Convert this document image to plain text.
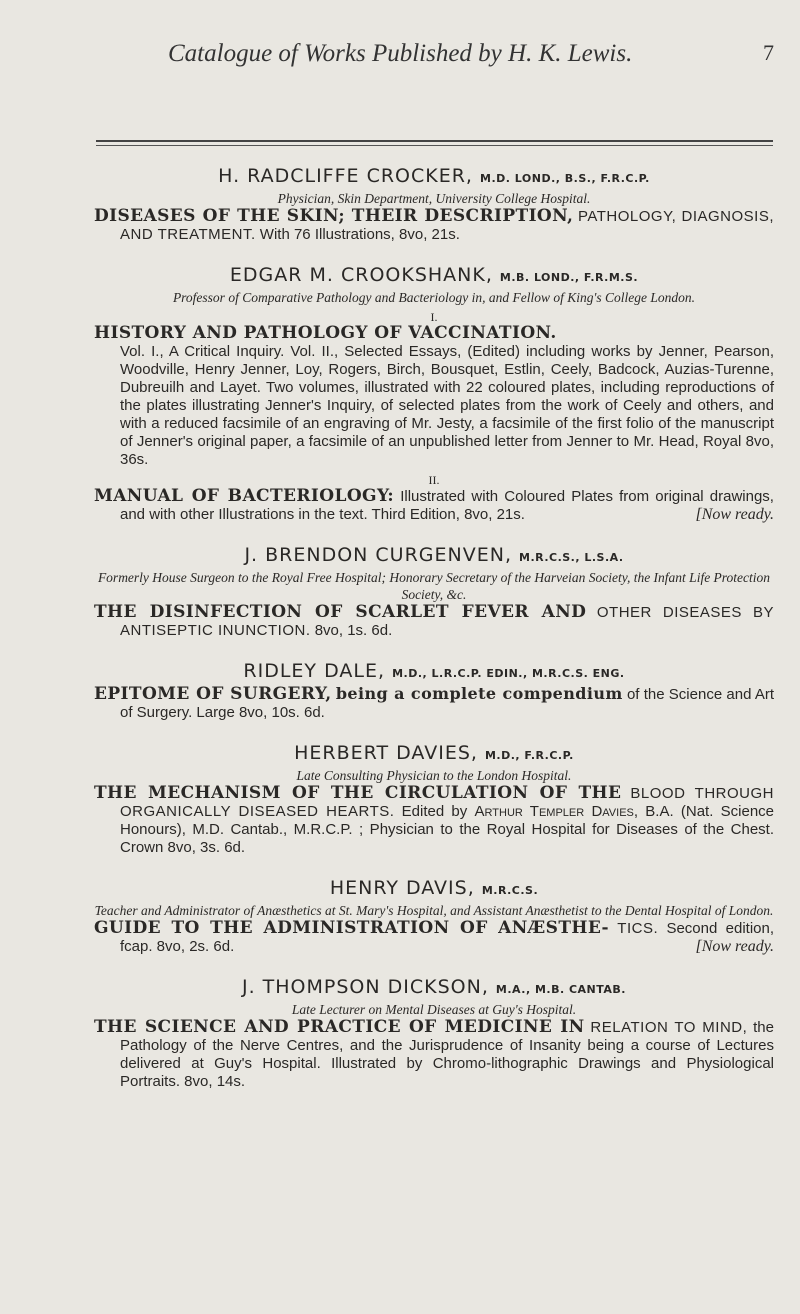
Catalogue of Works Published by H. K. Lewis.	7

H. RADCLIFFE CROCKER, M.D. LOND., B.S., F.R.C.P.

Physician, Skin Department, University College Hospital.

DISEASES OF THE SKIN; THEIR DESCRIPTION, PATHOLOGY, DIAGNOSIS, AND TREATMENT. With 76 Illustrations, 8vo, 21s.

EDGAR M. CROOKSHANK, M.B. LOND., F.R.M.S.

Professor of Comparative Pathology and Bacteriology in, and Fellow of King's College London.

I.

HISTORY AND PATHOLOGY OF VACCINATION.
Vol. I., A Critical Inquiry. Vol. II., Selected Essays, (Edited) including works by Jenner, Pearson, Woodville, Henry Jenner, Loy, Rogers, Birch, Bousquet, Estlin, Ceely, Badcock, Auzias-Turenne, Dubreuilh and Layet. Two volumes, illustrated with 22 coloured plates, including reproductions of the plates illustrating Jenner's Inquiry, of selected plates from the work of Ceely and others, and with a reduced facsimile of an engraving of Mr. Jesty, a facsimile of the first folio of the manuscript of Jenner's original paper, a facsimile of an unpublished letter from Jenner to Mr. Head, Royal 8vo, 36s.

II.

MANUAL OF BACTERIOLOGY: Illustrated with Coloured Plates from original drawings, and with other Illustrations in the text. Third Edition, 8vo, 21s.	[Now ready.

J. BRENDON CURGENVEN, M.R.C.S., L.S.A.

Formerly House Surgeon to the Royal Free Hospital; Honorary Secretary of the Harveian Society, the Infant Life Protection Society, &c.

THE DISINFECTION OF SCARLET FEVER AND OTHER DISEASES BY ANTISEPTIC INUNCTION. 8vo, 1s. 6d.

RIDLEY DALE, M.D., L.R.C.P. EDIN., M.R.C.S. ENG.

EPITOME OF SURGERY, being a complete compendium of the Science and Art of Surgery. Large 8vo, 10s. 6d.

HERBERT DAVIES, M.D., F.R.C.P.

Late Consulting Physician to the London Hospital.

THE MECHANISM OF THE CIRCULATION OF THE BLOOD THROUGH ORGANICALLY DISEASED HEARTS. Edited by Arthur Templer Davies, B.A. (Nat. Science Honours), M.D. Cantab., M.R.C.P. ; Physician to the Royal Hospital for Diseases of the Chest. Crown 8vo, 3s. 6d.

HENRY DAVIS, M.R.C.S.

Teacher and Administrator of Anæsthetics at St. Mary's Hospital, and Assistant Anæsthetist to the Dental Hospital of London.

GUIDE TO THE ADMINISTRATION OF ANÆSTHE- TICS. Second edition, fcap. 8vo, 2s. 6d.	[Now ready.

J. THOMPSON DICKSON, M.A., M.B. CANTAB.

Late Lecturer on Mental Diseases at Guy's Hospital.

THE SCIENCE AND PRACTICE OF MEDICINE IN RELATION TO MIND, the Pathology of the Nerve Centres, and the Jurisprudence of Insanity being a course of Lectures delivered at Guy's Hospital. Illustrated by Chromo-lithographic Drawings and Physiological Portraits. 8vo, 14s.
